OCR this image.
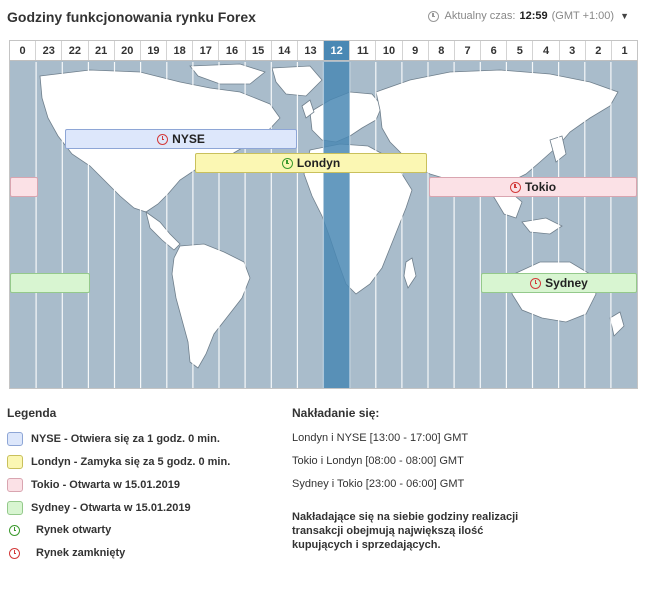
Godziny funkcjonowania rynku Forex	Aktualny czas: 12:59 (GMT +1:00) ▼
0	23	22	21	20	19	18	17	16	15	14	13	12	11	10	9	8	7	6	5	4	3	2	1
NYSE
Londyn
Tokio
Sydney
Legenda
NYSE - Otwiera się za 1 godz. 0 min.
Londyn - Zamyka się za 5 godz. 0 min.
Tokio - Otwarta w 15.01.2019
Sydney - Otwarta w 15.01.2019
Rynek otwarty
Rynek zamknięty
Nakładanie się:
Londyn i NYSE [13:00 - 17:00] GMT
Tokio i Londyn [08:00 - 08:00] GMT
Sydney i Tokio [23:00 - 06:00] GMT
Nakładające się na siebie godziny realizacji transakcji obejmują największą ilość kupujących i sprzedających.
